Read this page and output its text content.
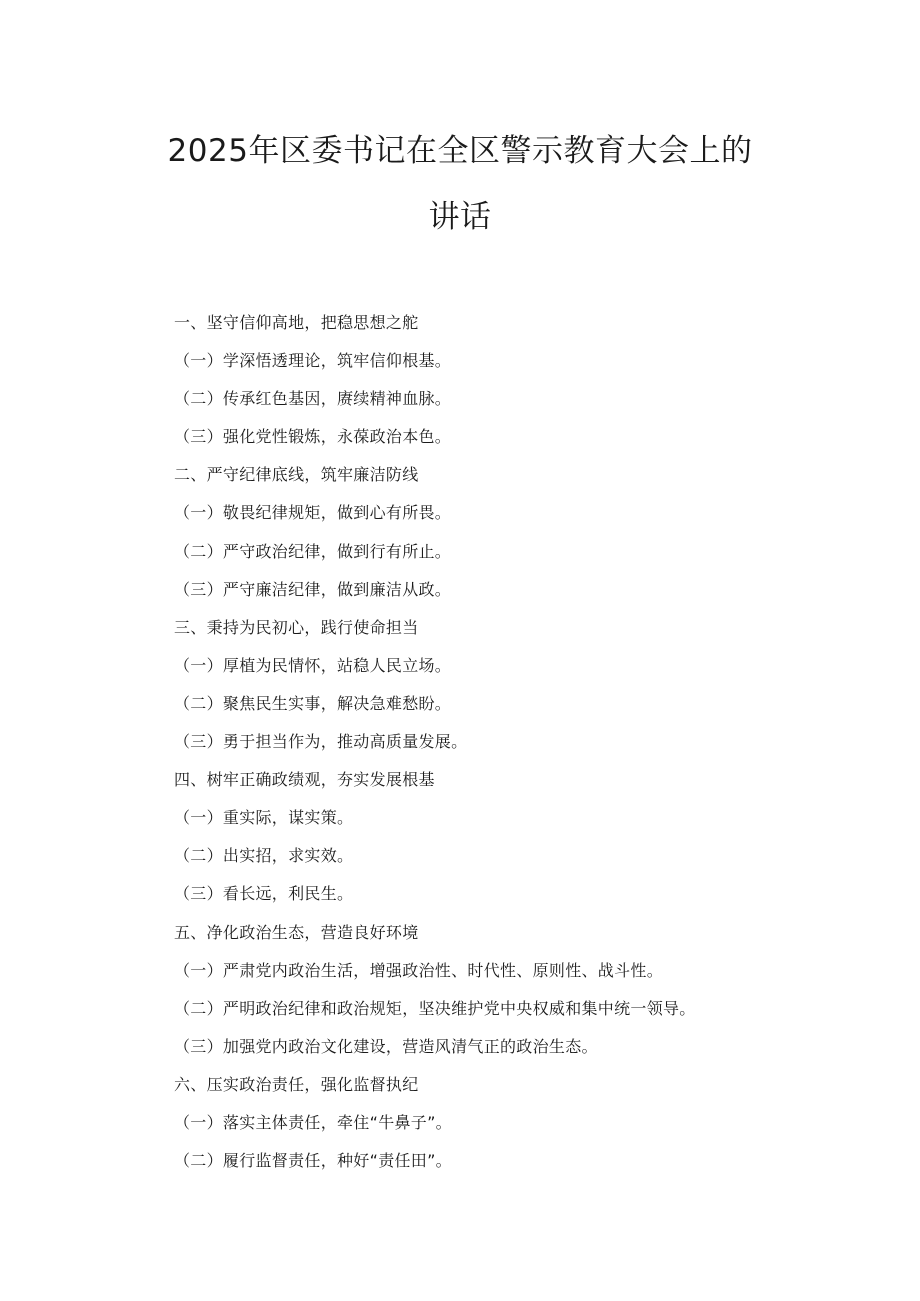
2025年区委书记在全区警示教育大会上的
讲话
一、坚守信仰高地，把稳思想之舵
（一）学深悟透理论，筑牢信仰根基。
（二）传承红色基因，赓续精神血脉。
（三）强化党性锻炼，永葆政治本色。
二、严守纪律底线，筑牢廉洁防线
（一）敬畏纪律规矩，做到心有所畏。
（二）严守政治纪律，做到行有所止。
（三）严守廉洁纪律，做到廉洁从政。
三、秉持为民初心，践行使命担当
（一）厚植为民情怀，站稳人民立场。
（二）聚焦民生实事，解决急难愁盼。
（三）勇于担当作为，推动高质量发展。
四、树牢正确政绩观，夯实发展根基
（一）重实际，谋实策。
（二）出实招，求实效。
（三）看长远，利民生。
五、净化政治生态，营造良好环境
（一）严肃党内政治生活，增强政治性、时代性、原则性、战斗性。
（二）严明政治纪律和政治规矩，坚决维护党中央权威和集中统一领导。
（三）加强党内政治文化建设，营造风清气正的政治生态。
六、压实政治责任，强化监督执纪
（一）落实主体责任，牵住“牛鼻子”。
（二）履行监督责任，种好“责任田”。
